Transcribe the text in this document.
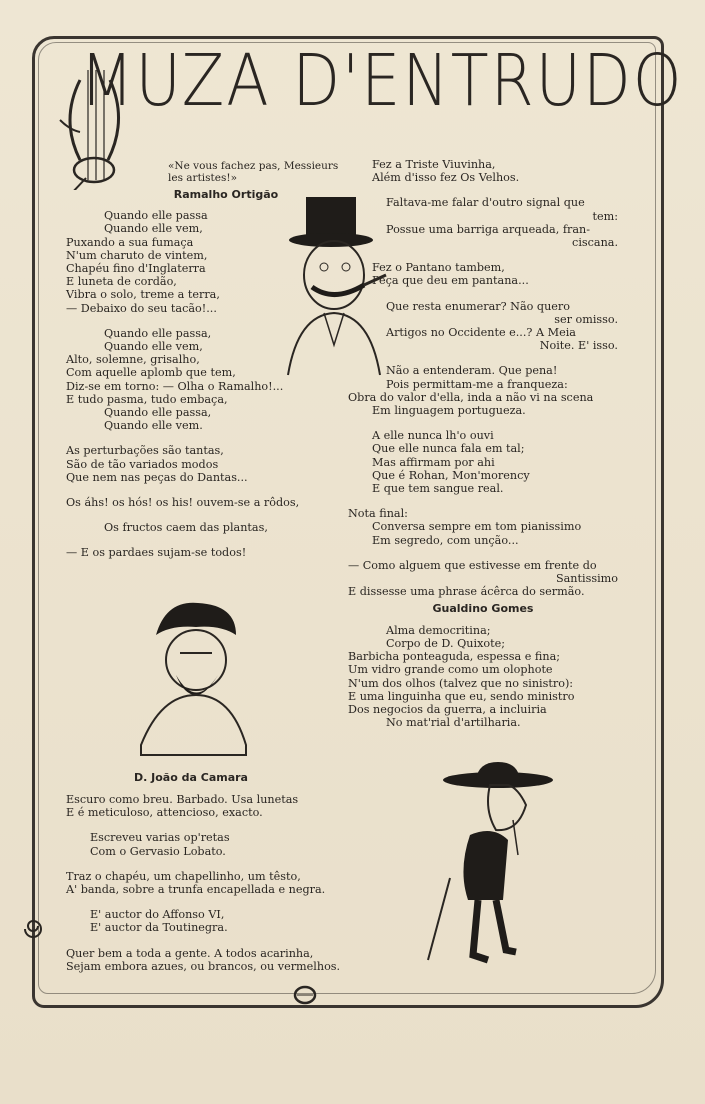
MUZA D'ENTRUDO

«Ne vous fachez pas, Messieurs

les artistes!»

Ramalho Ortigão

Quando elle passa

Quando elle vem,

Puxando a sua fumaça

N'um charuto de vintem,

Chapéu fino d'Inglaterra

E luneta de cordão,

Vibra o solo, treme a terra,

— Debaixo do seu tacão!...

Quando elle passa,

Quando elle vem,

Alto, solemne, grisalho,

Com aquelle aplomb que tem,

Diz-se em torno: — Olha o Ramalho!...

E tudo pasma, tudo embaça,

Quando elle passa,

Quando elle vem.

As perturbações são tantas,

São de tão variados modos

Que nem nas peças do Dantas...

Os áhs! os hós! os his! ouvem-se a rôdos,

Os fructos caem das plantas,

— E os pardaes sujam-se todos!

D. João da Camara

Escuro como breu. Barbado. Usa lunetas

E é meticuloso, attencioso, exacto.

Escreveu varias op'retas

Com o Gervasio Lobato.

Traz o chapéu, um chapellinho, um têsto,

A' banda, sobre a trunfa encapellada e negra.

E' auctor do Affonso VI,

E' auctor da Toutinegra.

Quer bem a toda a gente. A todos acarinha,

Sejam embora azues, ou brancos, ou vermelhos.

Fez a Triste Viuvinha,

Além d'isso fez Os Velhos.

Faltava-me falar d'outro signal que

tem:

Possue uma barriga arqueada, fran-

ciscana.

Fez o Pantano tambem,

Peça que deu em pantana...

Que resta enumerar? Não quero

ser omisso.

Artigos no Occidente e...? A Meia

Noite. E' isso.

Não a entenderam. Que pena!

Pois permittam-me a franqueza:

Obra do valor d'ella, inda a não vi na scena

Em linguagem portugueza.

A elle nunca lh'o ouvi

Que elle nunca fala em tal;

Mas affirmam por ahi

Que é Rohan, Mon'morency

E que tem sangue real.

Nota final:

Conversa sempre em tom pianissimo

Em segredo, com unção...

— Como alguem que estivesse em frente do

Santissimo

E dissesse uma phrase ácêrca do sermão.

Gualdino Gomes

Alma democritina;

Corpo de D. Quixote;

Barbicha ponteaguda, espessa e fina;

Um vidro grande como um olophote

N'um dos olhos (talvez que no sinistro):

E uma linguinha que eu, sendo ministro

Dos negocios da guerra, a incluiria

No mat'rial d'artilharia.
